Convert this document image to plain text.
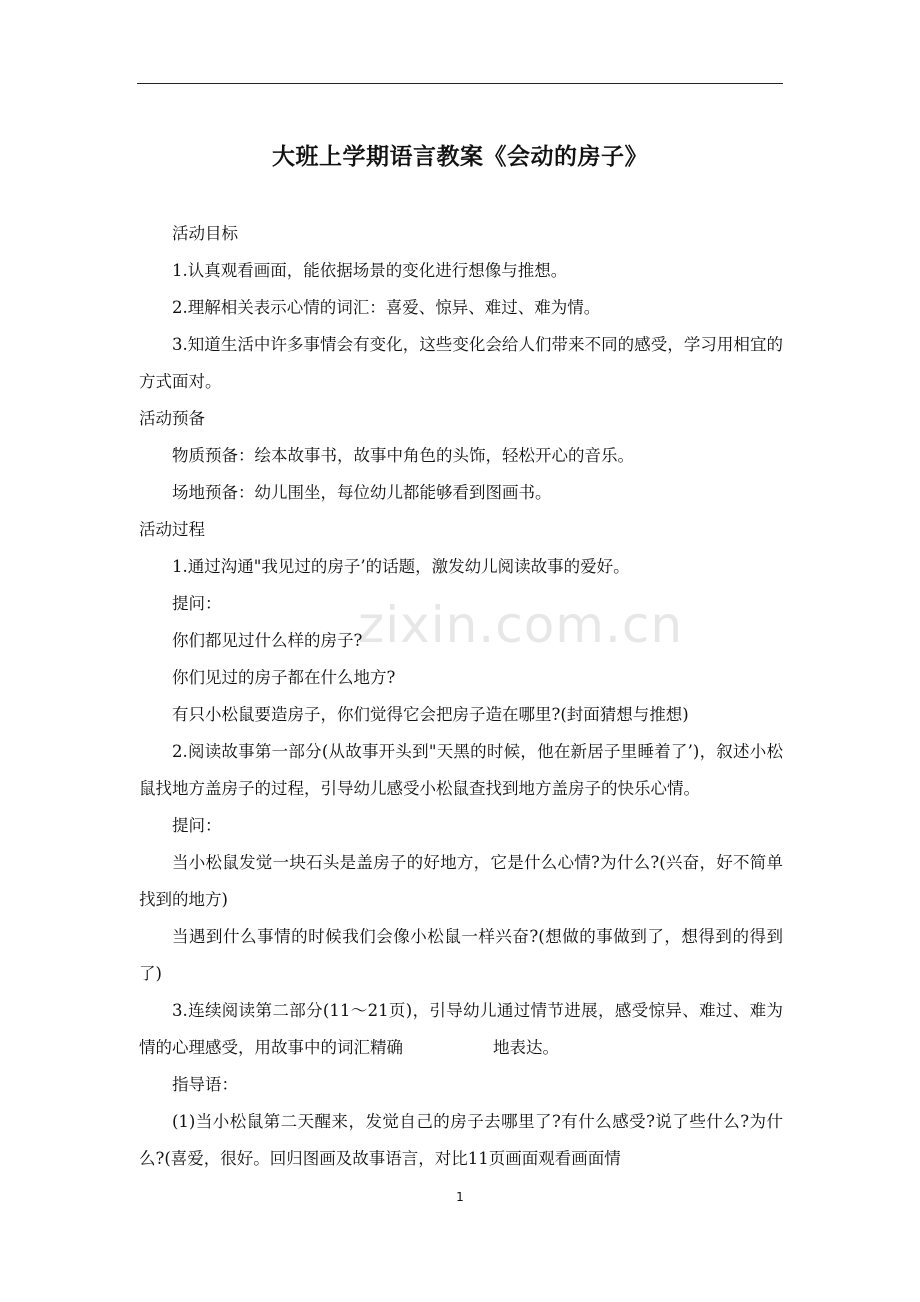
大班上学期语言教案《会动的房子》
zixin.com.cn

活动目标

1.认真观看画面，能依据场景的变化进行想像与推想。

2.理解相关表示心情的词汇：喜爱、惊异、难过、难为情。

3.知道生活中许多事情会有变化，这些变化会给人们带来不同的感受，学习用相宜的方式面对。

活动预备

物质预备：绘本故事书，故事中角色的头饰，轻松开心的音乐。

场地预备：幼儿围坐，每位幼儿都能够看到图画书。

活动过程

1.通过沟通"我见过的房子’的话题，激发幼儿阅读故事的爱好。

提问：

你们都见过什么样的房子?

你们见过的房子都在什么地方?

有只小松鼠要造房子，你们觉得它会把房子造在哪里?(封面猜想与推想)

2.阅读故事第一部分(从故事开头到"天黑的时候，他在新居子里睡着了’)，叙述小松鼠找地方盖房子的过程，引导幼儿感受小松鼠查找到地方盖房子的快乐心情。

提问：

当小松鼠发觉一块石头是盖房子的好地方，它是什么心情?为什么?(兴奋，好不简单找到的地方)

当遇到什么事情的时候我们会像小松鼠一样兴奋?(想做的事做到了，想得到的得到了)

3.连续阅读第二部分(11～21页)，引导幼儿通过情节进展，感受惊异、难过、难为情的心理感受，用故事中的词汇精确	地表达。

指导语：

(1)当小松鼠第二天醒来，发觉自己的房子去哪里了?有什么感受?说了些什么?为什么?(喜爱，很好。回归图画及故事语言，对比11页画面观看画面情

1
